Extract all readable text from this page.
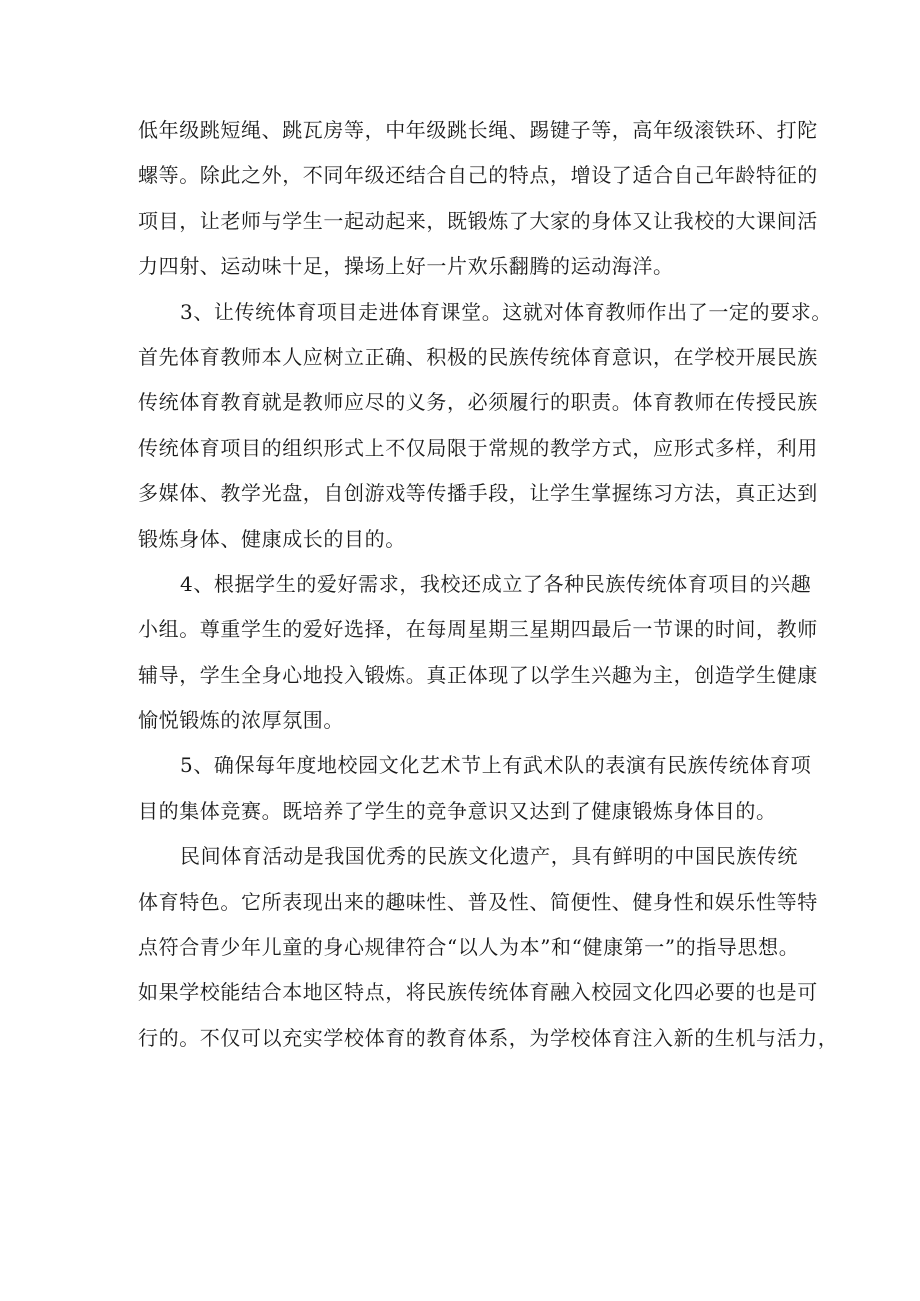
低年级跳短绳、跳瓦房等，中年级跳长绳、踢键子等，高年级滚铁环、打陀
螺等。除此之外，不同年级还结合自己的特点，增设了适合自己年龄特征的
项目，让老师与学生一起动起来，既锻炼了大家的身体又让我校的大课间活
力四射、运动味十足，操场上好一片欢乐翻腾的运动海洋。
3、让传统体育项目走进体育课堂。这就对体育教师作出了一定的要求。
首先体育教师本人应树立正确、积极的民族传统体育意识，在学校开展民族
传统体育教育就是教师应尽的义务，必须履行的职责。体育教师在传授民族
传统体育项目的组织形式上不仅局限于常规的教学方式，应形式多样，利用
多媒体、教学光盘，自创游戏等传播手段，让学生掌握练习方法，真正达到
锻炼身体、健康成长的目的。
4、根据学生的爱好需求，我校还成立了各种民族传统体育项目的兴趣
小组。尊重学生的爱好选择，在每周星期三星期四最后一节课的时间，教师
辅导，学生全身心地投入锻炼。真正体现了以学生兴趣为主，创造学生健康
愉悦锻炼的浓厚氛围。
5、确保每年度地校园文化艺术节上有武术队的表演有民族传统体育项
目的集体竞赛。既培养了学生的竞争意识又达到了健康锻炼身体目的。
民间体育活动是我国优秀的民族文化遗产，具有鲜明的中国民族传统
体育特色。它所表现出来的趣味性、普及性、简便性、健身性和娱乐性等特
点符合青少年儿童的身心规律符合“以人为本”和“健康第一”的指导思想。
如果学校能结合本地区特点，将民族传统体育融入校园文化四必要的也是可
行的。不仅可以充实学校体育的教育体系，为学校体育注入新的生机与活力，
